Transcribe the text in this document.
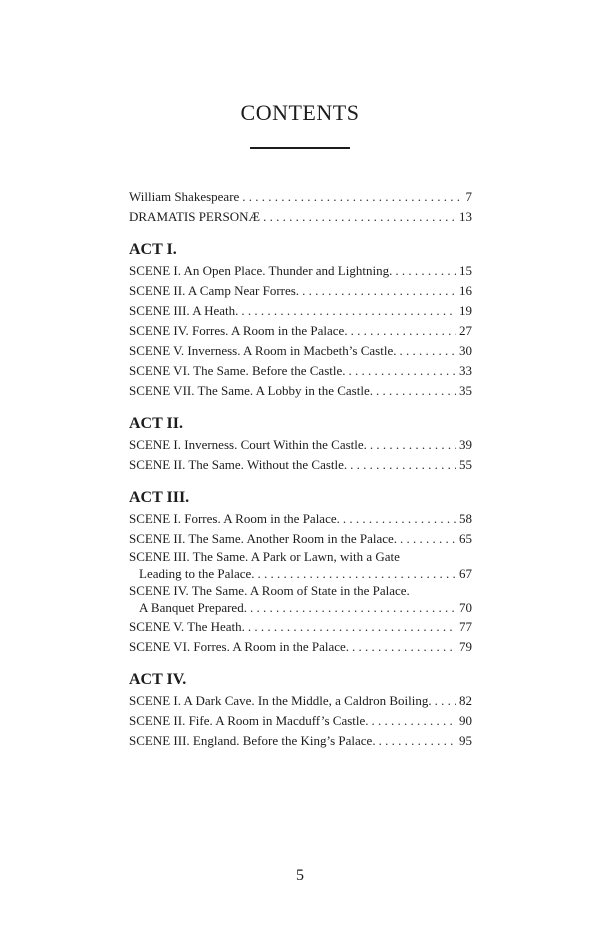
CONTENTS
William Shakespeare . . .	7
DRAMATIS PERSONÆ . . .	13
ACT I.
SCENE I. An Open Place. Thunder and Lightning. . . .	15
SCENE II. A Camp Near Forres. . . .	16
SCENE III. A Heath. . . .	19
SCENE IV. Forres. A Room in the Palace. . . .	27
SCENE V. Inverness. A Room in Macbeth’s Castle. . . .	30
SCENE VI. The Same. Before the Castle. . . .	33
SCENE VII. The Same. A Lobby in the Castle. . . .	35
ACT II.
SCENE I. Inverness. Court Within the Castle. . . .	39
SCENE II. The Same. Without the Castle. . . .	55
ACT III.
SCENE I. Forres. A Room in the Palace. . . .	58
SCENE II. The Same. Another Room in the Palace. . . .	65
SCENE III. The Same. A Park or Lawn, with a Gate
Leading to the Palace. . . .	67
SCENE IV. The Same. A Room of State in the Palace.
A Banquet Prepared. . . .	70
SCENE V. The Heath. . . .	77
SCENE VI. Forres. A Room in the Palace. . . .	79
ACT IV.
SCENE I. A Dark Cave. In the Middle, a Caldron Boiling. . . . 82
SCENE II. Fife. A Room in Macduff’s Castle. . . .	90
SCENE III. England. Before the King’s Palace. . . .	95
5
